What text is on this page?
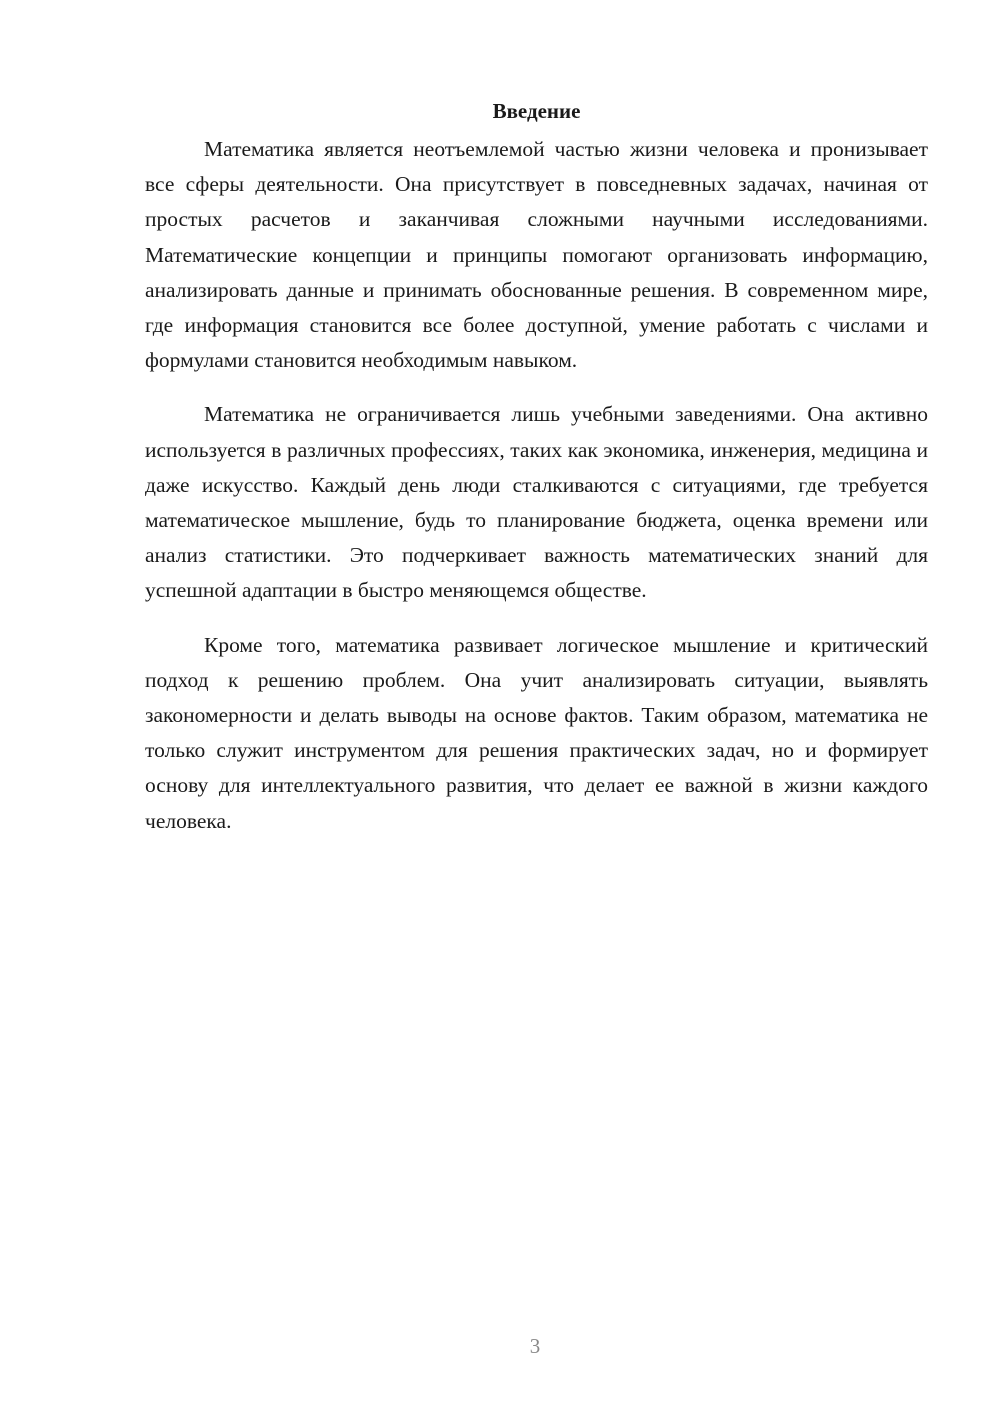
Введение

Математика является неотъемлемой частью жизни человека и пронизывает все сферы деятельности. Она присутствует в повседневных задачах, начиная от простых расчетов и заканчивая сложными научными исследованиями. Математические концепции и принципы помогают организовать информацию, анализировать данные и принимать обоснованные решения. В современном мире, где информация становится все более доступной, умение работать с числами и формулами становится необходимым навыком.

Математика не ограничивается лишь учебными заведениями. Она активно используется в различных профессиях, таких как экономика, инженерия, медицина и даже искусство. Каждый день люди сталкиваются с ситуациями, где требуется математическое мышление, будь то планирование бюджета, оценка времени или анализ статистики. Это подчеркивает важность математических знаний для успешной адаптации в быстро меняющемся обществе.

Кроме того, математика развивает логическое мышление и критический подход к решению проблем. Она учит анализировать ситуации, выявлять закономерности и делать выводы на основе фактов. Таким образом, математика не только служит инструментом для решения практических задач, но и формирует основу для интеллектуального развития, что делает ее важной в жизни каждого человека.

3
